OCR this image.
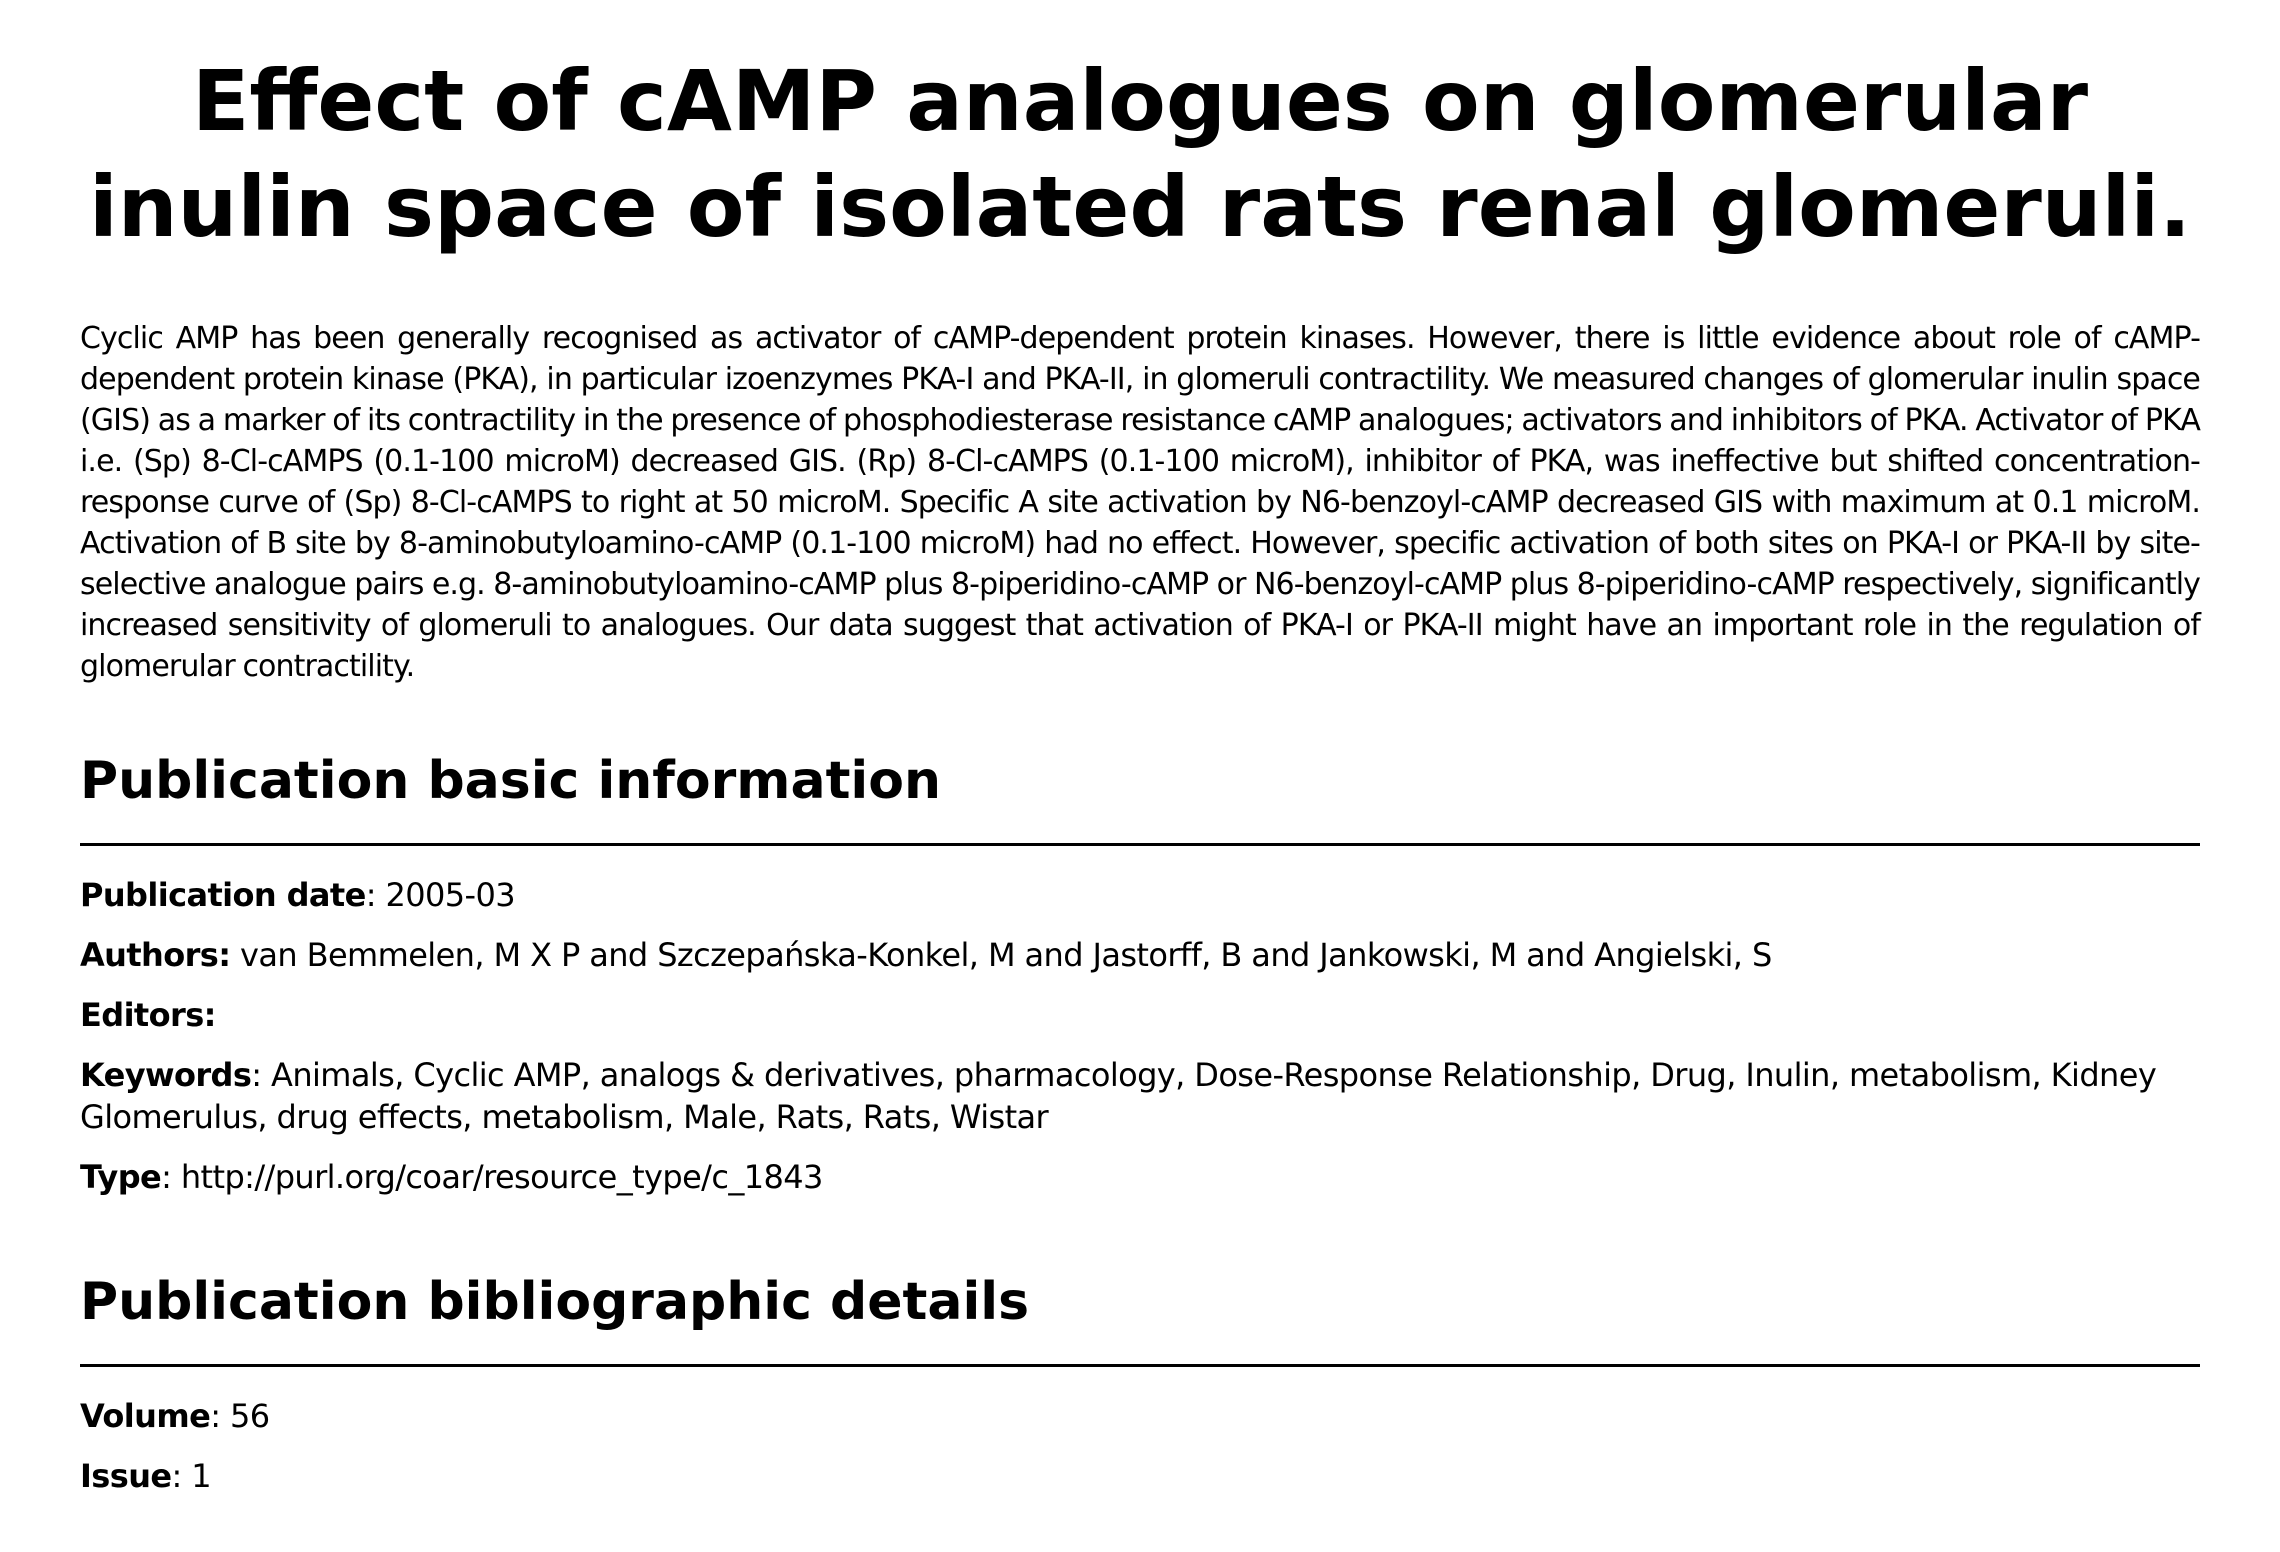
Effect of cAMP analogues on glomerular inulin space of isolated rats renal glomeruli.

Cyclic AMP has been generally recognised as activator of cAMP-dependent protein kinases. However, there is little evidence about role of cAMP-dependent protein kinase (PKA), in particular izoenzymes PKA-I and PKA-II, in glomeruli contractility. We measured changes of glomerular inulin space (GIS) as a marker of its contractility in the presence of phosphodiesterase resistance cAMP analogues; activators and inhibitors of PKA. Activator of PKA i.e. (Sp) 8-Cl-cAMPS (0.1-100 microM) decreased GIS. (Rp) 8-Cl-cAMPS (0.1-100 microM), inhibitor of PKA, was ineffective but shifted concentration-response curve of (Sp) 8-Cl-cAMPS to right at 50 microM. Specific A site activation by N6-benzoyl-cAMP decreased GIS with maximum at 0.1 microM. Activation of B site by 8-aminobutyloamino-cAMP (0.1-100 microM) had no effect. However, specific activation of both sites on PKA-I or PKA-II by site-selective analogue pairs e.g. 8-aminobutyloamino-cAMP plus 8-piperidino-cAMP or N6-benzoyl-cAMP plus 8-piperidino-cAMP respectively, significantly increased sensitivity of glomeruli to analogues. Our data suggest that activation of PKA-I or PKA-II might have an important role in the regulation of glomerular contractility.

Publication basic information
Publication date: 2005-03
Authors: van Bemmelen, M X P and Szczepańska-Konkel, M and Jastorff, B and Jankowski, M and Angielski, S
Editors:
Keywords: Animals, Cyclic AMP, analogs & derivatives, pharmacology, Dose-Response Relationship, Drug, Inulin, metabolism, Kidney Glomerulus, drug effects, metabolism, Male, Rats, Rats, Wistar
Type: http://purl.org/coar/resource_type/c_1843
Publication bibliographic details
Volume: 56
Issue: 1
